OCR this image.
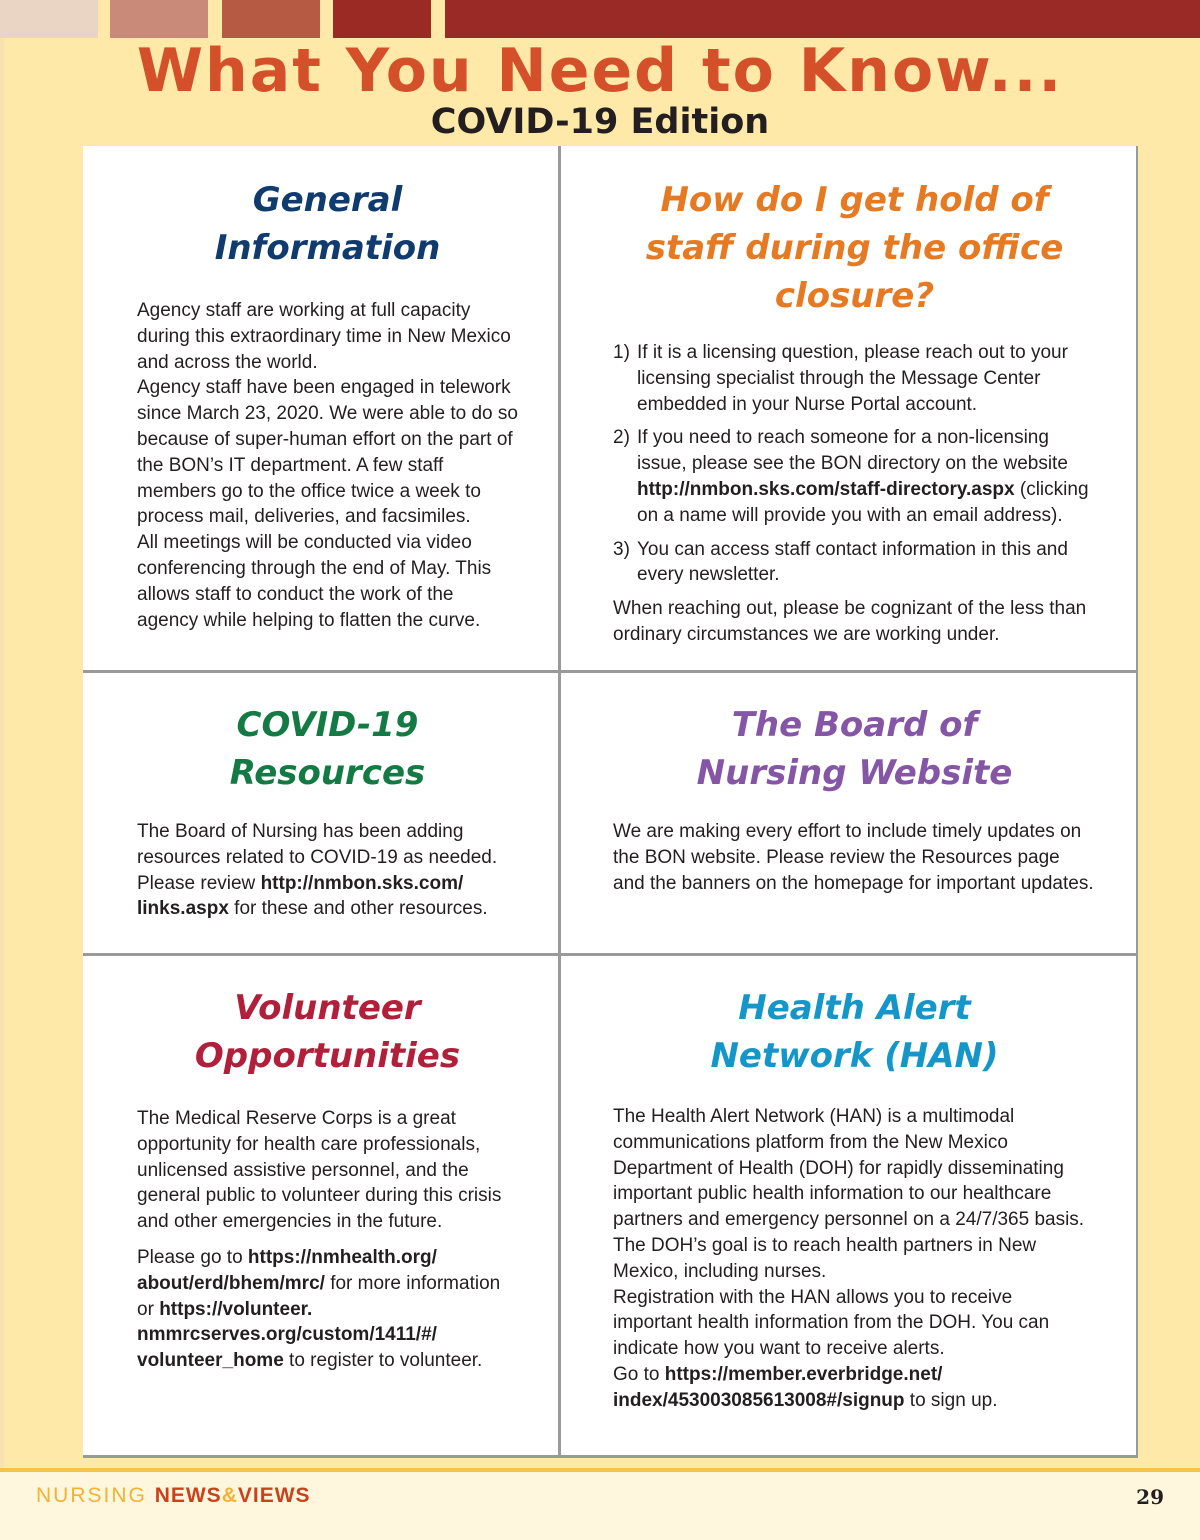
What You Need to Know...
COVID-19 Edition
General Information

Agency staff are working at full capacity during this extraordinary time in New Mexico and across the world.

Agency staff have been engaged in telework since March 23, 2020. We were able to do so because of super-human effort on the part of the BON’s IT department. A few staff members go to the office twice a week to process mail, deliveries, and facsimiles.

All meetings will be conducted via video conferencing through the end of May. This allows staff to conduct the work of the agency while helping to flatten the curve.

How do I get hold of staff during the office closure?
1) If it is a licensing question, please reach out to your licensing specialist through the Message Center embedded in your Nurse Portal account.
2) If you need to reach someone for a non-licensing issue, please see the BON directory on the website http://nmbon.sks.com/staff-directory.aspx (clicking on a name will provide you with an email address).
3) You can access staff contact information in this and every newsletter.

When reaching out, please be cognizant of the less than ordinary circumstances we are working under.

COVID-19 Resources

The Board of Nursing has been adding resources related to COVID-19 as needed. Please review http://nmbon.sks.com/ links.aspx for these and other resources.

The Board of
Nursing Website

We are making every effort to include timely updates on the BON website. Please review the Resources page and the banners on the homepage for important updates.

Volunteer
Opportunities

The Medical Reserve Corps is a great opportunity for health care professionals, unlicensed assistive personnel, and the general public to volunteer during this crisis and other emergencies in the future.

Please go to https://nmhealth.org/ about/erd/bhem/mrc/ for more information or https://volunteer. nmmrcserves.org/custom/1411/#/ volunteer_home to register to volunteer.

Health Alert
Network (HAN)

The Health Alert Network (HAN) is a multimodal communications platform from the New Mexico Department of Health (DOH) for rapidly disseminating important public health information to our healthcare partners and emergency personnel on a 24/7/365 basis.

The DOH’s goal is to reach health partners in New Mexico, including nurses.

Registration with the HAN allows you to receive important health information from the DOH. You can indicate how you want to receive alerts.

Go to https://member.everbridge.net/ index/453003085613008#/signup to sign up.

NURSING NEWS&VIEWS	29
